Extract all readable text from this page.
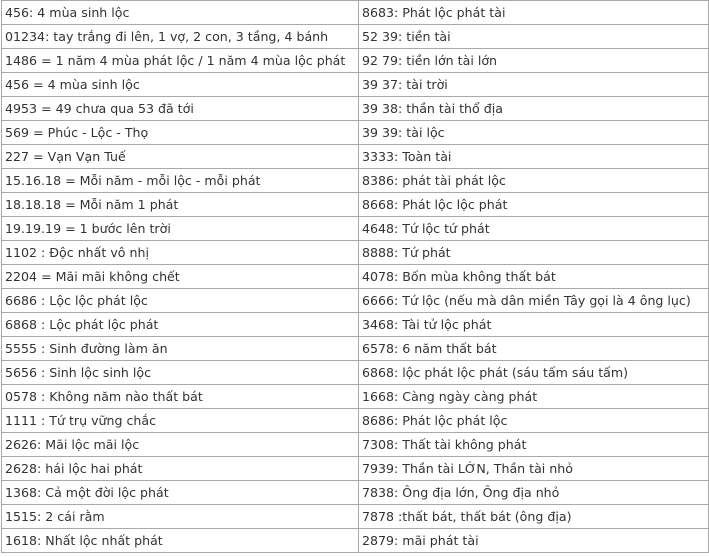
456: 4 mùa sinh lộc	8683: Phát lộc phát tài
01234: tay trắng đi lên, 1 vợ, 2 con, 3 tầng, 4 bánh	52 39: tiền tài
1486 = 1 năm 4 mùa phát lộc / 1 năm 4 mùa lộc phát	92 79: tiền lớn tài lớn
456 = 4 mùa sinh lộc	39 37: tài trời
4953 = 49 chưa qua 53 đã tới	39 38: thần tài thổ địa
569 = Phúc - Lộc - Thọ	39 39: tài lộc
227 = Vạn Vạn Tuế	3333: Toàn tài
15.16.18 = Mỗi năm - mỗi lộc - mỗi phát	8386: phát tài phát lộc
18.18.18 = Mỗi năm 1 phát	8668: Phát lộc lộc phát
19.19.19 = 1 bước lên trời	4648: Tứ lộc tứ phát
1102 : Độc nhất vô nhị	8888: Tứ phát
2204 = Mãi mãi không chết	4078: Bốn mùa không thất bát
6686 : Lộc lộc phát lộc	6666: Tứ lộc (nếu mà dân miền Tây gọi là 4 ông lục)
6868 : Lộc phát lộc phát	3468: Tài tử lộc phát
5555 : Sinh đường làm ăn	6578: 6 năm thất bát
5656 : Sinh lộc sinh lộc	6868: lộc phát lộc phát (sáu tấm sáu tấm)
0578 : Không năm nào thất bát	1668: Càng ngày càng phát
1111 : Tứ trụ vững chắc	8686: Phát lộc phát lộc
2626: Mãi lộc mãi lộc	7308: Thất tài không phát
2628: hái lộc hai phát	7939: Thần tài LỚN, Thần tài nhỏ
1368: Cả một đời lộc phát	7838: Ông địa lớn, Ông địa nhỏ
1515: 2 cái rằm	7878 :thất bát, thất bát (ông địa)
1618: Nhất lộc nhất phát	2879: mãi phát tài
